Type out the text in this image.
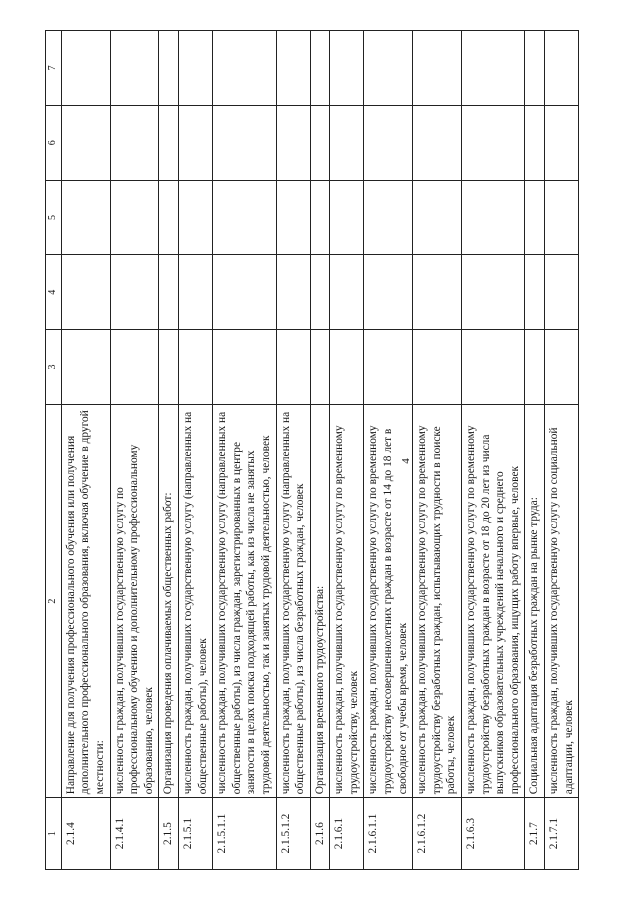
4
1	2	3	4	5	6	7
2.1.4	Направление для получения профессионального обучения или получения дополнительного профессионального образования, включая обучение в другой местности:					
2.1.4.1	численность граждан, получивших государственную услугу по профессиональному обучению и дополнительному профессиональному образованию, человек					
2.1.5	Организация проведения оплачиваемых общественных работ:					
2.1.5.1	численность граждан, получивших государственную услугу (направленных на общественные работы), человек					
2.1.5.1.1	численность граждан, получивших государственную услугу (направленных на общественные работы), из числа граждан, зарегистрированных в центре занятости в целях поиска подходящей работы, как из числа не занятых трудовой деятельностью, так и занятых трудовой деятельностью, человек					
2.1.5.1.2	численность граждан, получивших государственную услугу (направленных на общественные работы), из числа безработных граждан, человек					
2.1.6	Организация временного трудоустройства:					
2.1.6.1	численность граждан, получивших государственную услугу по временному трудоустройству, человек					
2.1.6.1.1	численность граждан, получивших государственную услугу по временному трудоустройству несовершеннолетних граждан в возрасте от 14 до 18 лет в свободное от учебы время, человек					
2.1.6.1.2	численность граждан, получивших государственную услугу по временному трудоустройству безработных граждан, испытывающих трудности в поиске работы, человек					
2.1.6.3	численность граждан, получивших государственную услугу по временному трудоустройству безработных граждан в возрасте от 18 до 20 лет из числа выпускников образовательных учреждений начального и среднего профессионального образования, ищущих работу впервые, человек					
2.1.7	Социальная адаптация безработных граждан на рынке труда:					
2.1.7.1	численность граждан, получивших государственную услугу по социальной адаптации, человек					
